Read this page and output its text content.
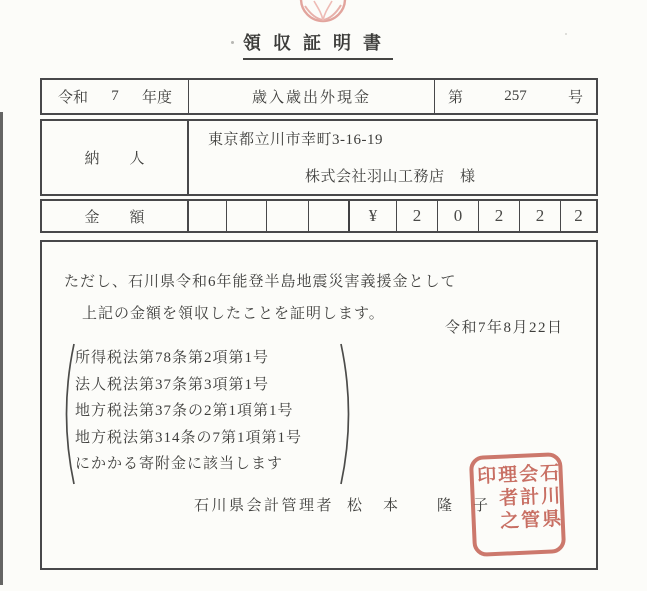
領収証明書
令和 7 年度	歳入歳出外現金	第	257	号
納　　人
東京都立川市幸町3-16-19
株式会社羽山工務店　様
金　　額	¥	2	0	2	2	2
ただし、石川県令和6年能登半島地震災害義援金として
上記の金額を領収したことを証明します。
令和7年8月22日
所得税法第78条第2項第1号
法人税法第37条第3項第1号
地方税法第37条の2第1項第1号
地方税法第314条の7第1項第1号
にかかる寄附金に該当します
石川県会計管理者 松　本　　隆　子	石川県会計管理者之印
